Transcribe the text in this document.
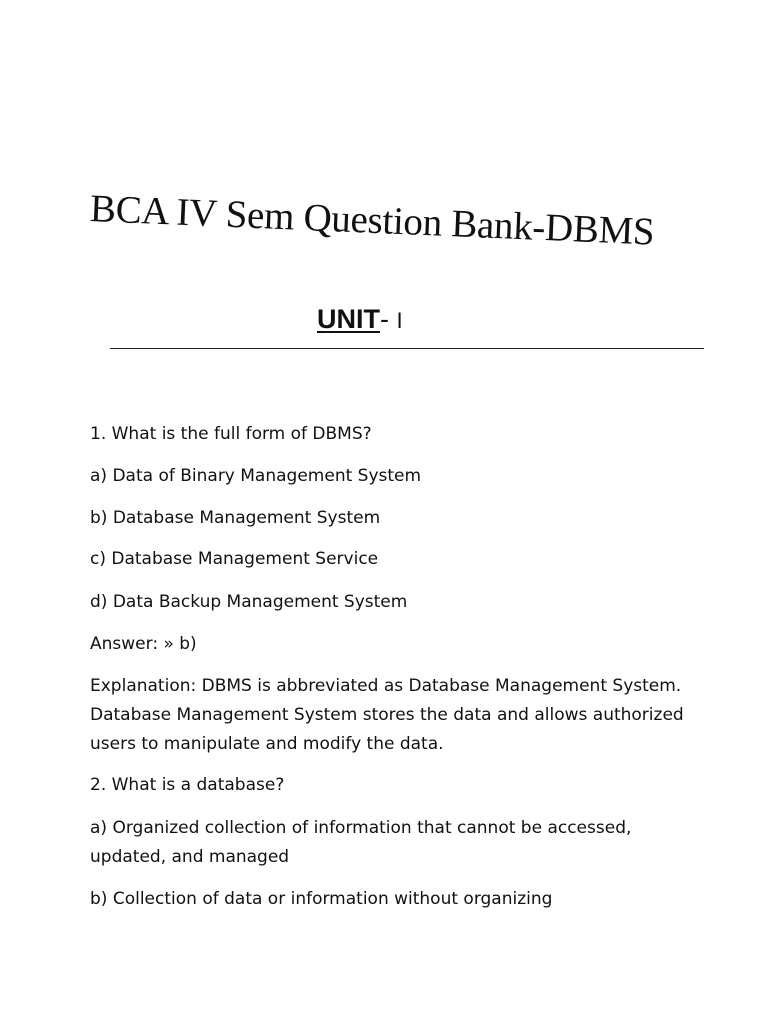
BCA IV Sem Question Bank-DBMS
UNIT- I

1. What is the full form of DBMS?

a) Data of Binary Management System

b) Database Management System

c) Database Management Service

d) Data Backup Management System

Answer: » b)

Explanation: DBMS is abbreviated as Database Management System. Database Management System stores the data and allows authorized users to manipulate and modify the data.

2. What is a database?

a) Organized collection of information that cannot be accessed, updated, and managed

b) Collection of data or information without organizing
